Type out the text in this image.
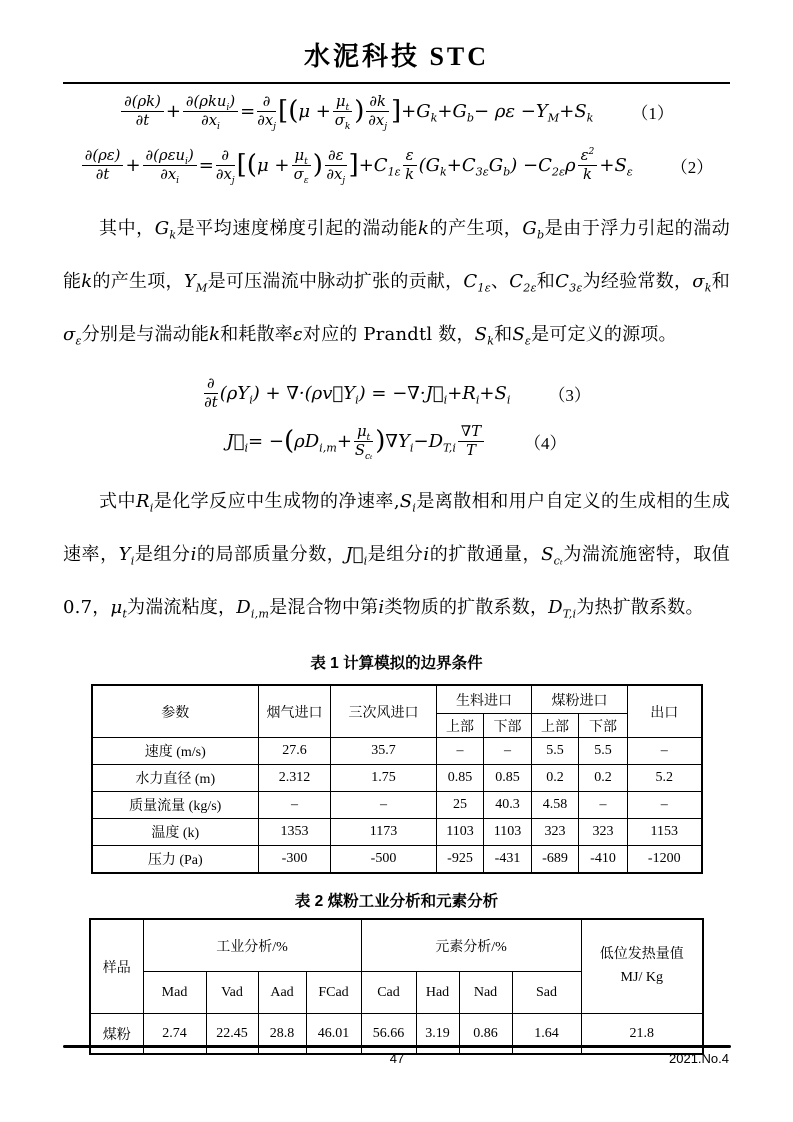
水泥科技 STC
$\frac{\partial(\rho k)}{\partial t} + \frac{\partial(\rho ku_i)}{\partial x_i} = \frac{\partial}{\partial x_j}$ [ ( $\mu + \frac{\mu_t}{\sigma_k}$ ) $\frac{\partial k}{\partial x_j}$ ] + $G_k + G_b - \rho\varepsilon - Y_M + S_k$ （1）
$\frac{\partial(\rho\varepsilon)}{\partial t} + \frac{\partial(\rho\varepsilon u_i)}{\partial x_i} = \frac{\partial}{\partial x_j}$ [ ( $\mu + \frac{\mu_t}{\sigma_\varepsilon}$ ) $\frac{\partial\varepsilon}{\partial x_j}$ ] + $C_{1\varepsilon} \frac{\varepsilon}{k}$ ( $G_k + C_{3\varepsilon}$ $G_b$ ) − $C_{2\varepsilon}$ ρ $\frac{\varepsilon^2}{k} + S_\varepsilon$ （2）

其中，$G_k$是平均速度梯度引起的湍动能k的产生项，$G_b$是由于浮力引起的湍动能k的产生项，$Y_M$是可压湍流中脉动扩张的贡献，$C_{1\varepsilon}$、$C_{2\varepsilon}$和$C_{3\varepsilon}$为经验常数，$\sigma_k$和$\sigma_\varepsilon$分别是与湍动能k和耗散率ε对应的 Prandtl 数，$S_k$和$S_\varepsilon$是可定义的源项。

$\frac{\partial}{\partial t} (\rho$ $Y_i$ ) + ∇·(ρv⃗ $Y_i$ ) = −∇· $J⃗_i + R_i + S_i$ （3）
$J⃗_i$ = − ( ρ $D_{i,m} + \frac{\mu_t}{S_{c_t}}$ ) ∇ $Y_i - D_{T,i} \frac{\nabla T}{T} (4)$

式中$R_i$是化学反应中生成物的净速率$,S_i$是离散相和用户自定义的生成相的生成速率，$Y_i$是组分i的局部质量分数，$J⃗_i$是组分i的扩散通量，$S_{c_t}$为湍流施密特，取值 0.7，$\mu_t$为湍流粘度，$D_{i,m}$是混合物中第i类物质的扩散系数，$D_{T,i}$为热扩散系数。

表 1 计算模拟的边界条件
参数	烟气进口	三次风进口	生料进口		煤粉进口		出口
			上部	下部	上部	下部	
速度 (m/s)	27.6	35.7	–	–	5.5	5.5	–
水力直径 (m)	2.312	1.75	0.85	0.85	0.2	0.2	5.2
质量流量 (kg/s)	–	–	25	40.3	4.58	–	–
温度 (k)	1353	1173	1103	1103	323	323	1153
压力 (Pa)	-300	-500	-925	-431	-689	-410	-1200
表 2 煤粉工业分析和元素分析
样品	工业分析/%				元素分析/%				低位发热量值
MJ/ Kg
	Mad	Vad	Aad	FCad	Cad	Had	Nad	Sad	
煤粉	2.74	22.45	28.8	46.01	56.66	3.19	0.86	1.64	21.8
47	2021.No.4
